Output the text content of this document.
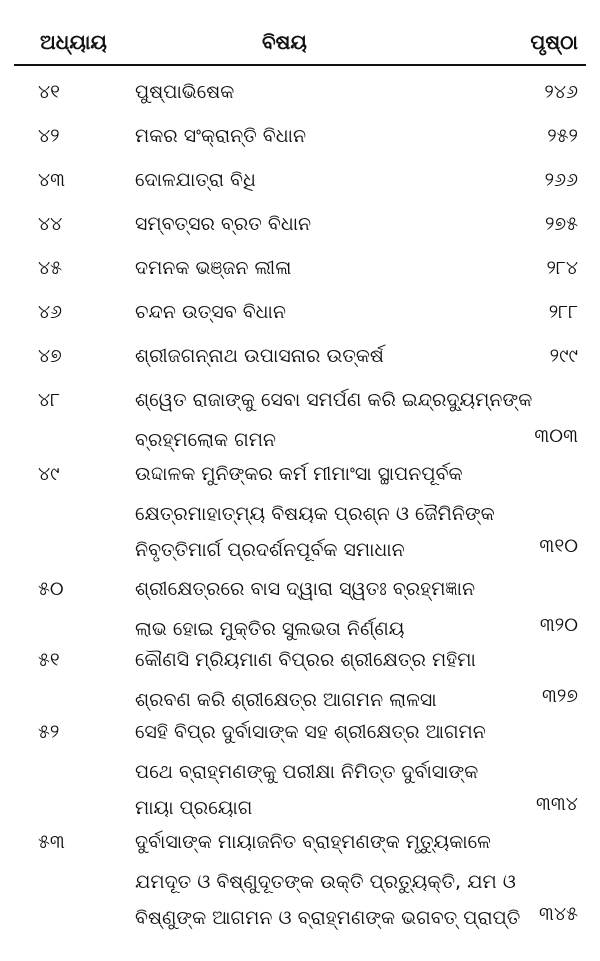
ଅଧ୍ୟାୟ	ବିଷୟ	ପୃଷ୍ଠା
୪୧	ପୁଷ୍ପାଭିଷେକ	୨୪୬
୪୨	ମକର ସଂକ୍ରାନ୍ତି ବିଧାନ	୨୫୨
୪୩	ଦୋଳଯାତ୍ରା ବିଧି	୨୬୬
୪୪	ସମ୍ବତ୍ସର ବ୍ରତ ବିଧାନ	୨୭୫
୪୫	ଦମନକ ଭଞ୍ଜନ ଲୀଳା	୨୮୪
୪୬	ଚନ୍ଦନ ଉତ୍ସବ ବିଧାନ	୨୮୮
୪୭	ଶ୍ରୀଜଗନ୍ନାଥ ଉପାସନାର ଉତ୍କର୍ଷ	୨୯୯
୪୮	ଶ୍ୱେତ ରାଜାଙ୍କୁ ସେବା ସମର୍ପଣ କରି ଇନ୍ଦ୍ରଦ୍ୟୁମ୍ନଙ୍କ
ବ୍ରହ୍ମଲୋକ ଗମନ	୩୦୩
୪୯	ଉଦ୍ଦାଳକ ମୁନିଙ୍କର କର୍ମ ମୀମାଂସା ସ୍ଥାପନପୂର୍ବକ
କ୍ଷେତ୍ରମାହାତ୍ମ୍ୟ ବିଷୟକ ପ୍ରଶ୍ନ ଓ ଜୈମିନିଙ୍କ
ନିବୃତ୍ତିମାର୍ଗ ପ୍ରଦର୍ଶନପୂର୍ବକ ସମାଧାନ	୩୧୦
୫୦	ଶ୍ରୀକ୍ଷେତ୍ରରେ ବାସ ଦ୍ୱାରା ସ୍ୱତଃ ବ୍ରହ୍ମଜ୍ଞାନ
ଲାଭ ହୋଇ ମୁକ୍ତିର ସୁଲଭତା ନିର୍ଣ୍ଣୟ	୩୨୦
୫୧	କୌଣସି ମ୍ରିୟମାଣ ବିପ୍ରର ଶ୍ରୀକ୍ଷେତ୍ର ମହିମା
ଶ୍ରବଣ କରି ଶ୍ରୀକ୍ଷେତ୍ର ଆଗମନ ଲାଳସା	୩୨୭
୫୨	ସେହି ବିପ୍ର ଦୁର୍ବାସାଙ୍କ ସହ ଶ୍ରୀକ୍ଷେତ୍ର ଆଗମନ
ପଥେ ବ୍ରାହ୍ମଣଙ୍କୁ ପରୀକ୍ଷା ନିମିତ୍ତ ଦୁର୍ବାସାଙ୍କ
ମାୟା ପ୍ରୟୋଗ	୩୩୪
୫୩	ଦୁର୍ବାସାଙ୍କ ମାୟାଜନିତ ବ୍ରାହ୍ମଣଙ୍କ ମୃତ୍ୟୁକାଳେ
ଯମଦୂତ ଓ ବିଷ୍ଣୁଦୂତଙ୍କ ଉକ୍ତି ପ୍ରତ୍ୟୁକ୍ତି, ଯମ ଓ
ବିଷ୍ଣୁଙ୍କ ଆଗମନ ଓ ବ୍ରାହ୍ମଣଙ୍କ ଭଗବତ୍ ପ୍ରାପ୍ତି ୩୪୫
